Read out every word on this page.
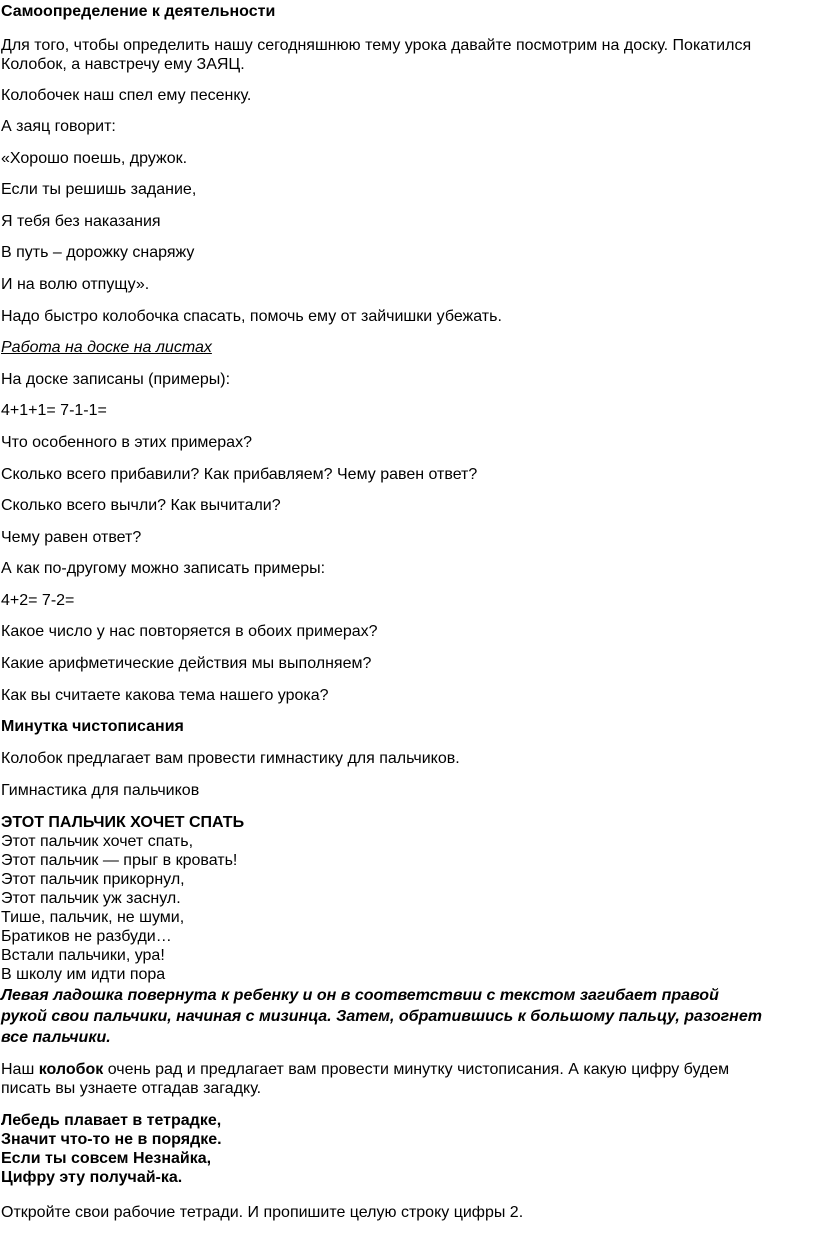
Самоопределение к деятельности

Для того, чтобы определить нашу сегодняшнюю тему урока давайте посмотрим на доску. Покатился

Колобок, а навстречу ему ЗАЯЦ.

Колобочек наш спел ему песенку.

А заяц говорит:

«Хорошо поешь, дружок.

Если ты решишь задание,

Я тебя без наказания

В путь – дорожку снаряжу

И на волю отпущу».

Надо быстро колобочка спасать, помочь ему от зайчишки убежать.

Работа на доске на листах

На доске записаны (примеры):

4+1+1= 7-1-1=

Что особенного в этих примерах?

Сколько всего прибавили? Как прибавляем? Чему равен ответ?

Сколько всего вычли? Как вычитали?

Чему равен ответ?

А как по-другому можно записать примеры:

4+2= 7-2=

Какое число у нас повторяется в обоих примерах?

Какие арифметические действия мы выполняем?

Как вы считаете какова тема нашего урока?

Минутка чистописания

Колобок предлагает вам провести гимнастику для пальчиков.

Гимнастика для пальчиков

ЭТОТ ПАЛЬЧИК ХОЧЕТ СПАТЬ

Этот пальчик хочет спать,

Этот пальчик — прыг в кровать!

Этот пальчик прикорнул,

Этот пальчик уж заснул.

Тише, пальчик, не шуми,

Братиков не разбуди…

Встали пальчики, ура!

В школу им идти пора

Левая ладошка повернута к ребенку и он в соответствии с текстом загибает правой

рукой свои пальчики, начиная с мизинца. Затем, обратившись к большому пальцу, разогнет

все пальчики.

Наш колобок очень рад и предлагает вам провести минутку чистописания. А какую цифру будем

писать вы узнаете отгадав загадку.

Лебедь плавает в тетрадке,

Значит что-то не в порядке.

Если ты совсем Незнайка,

Цифру эту получай-ка.

Откройте свои рабочие тетради. И пропишите целую строку цифры 2.
